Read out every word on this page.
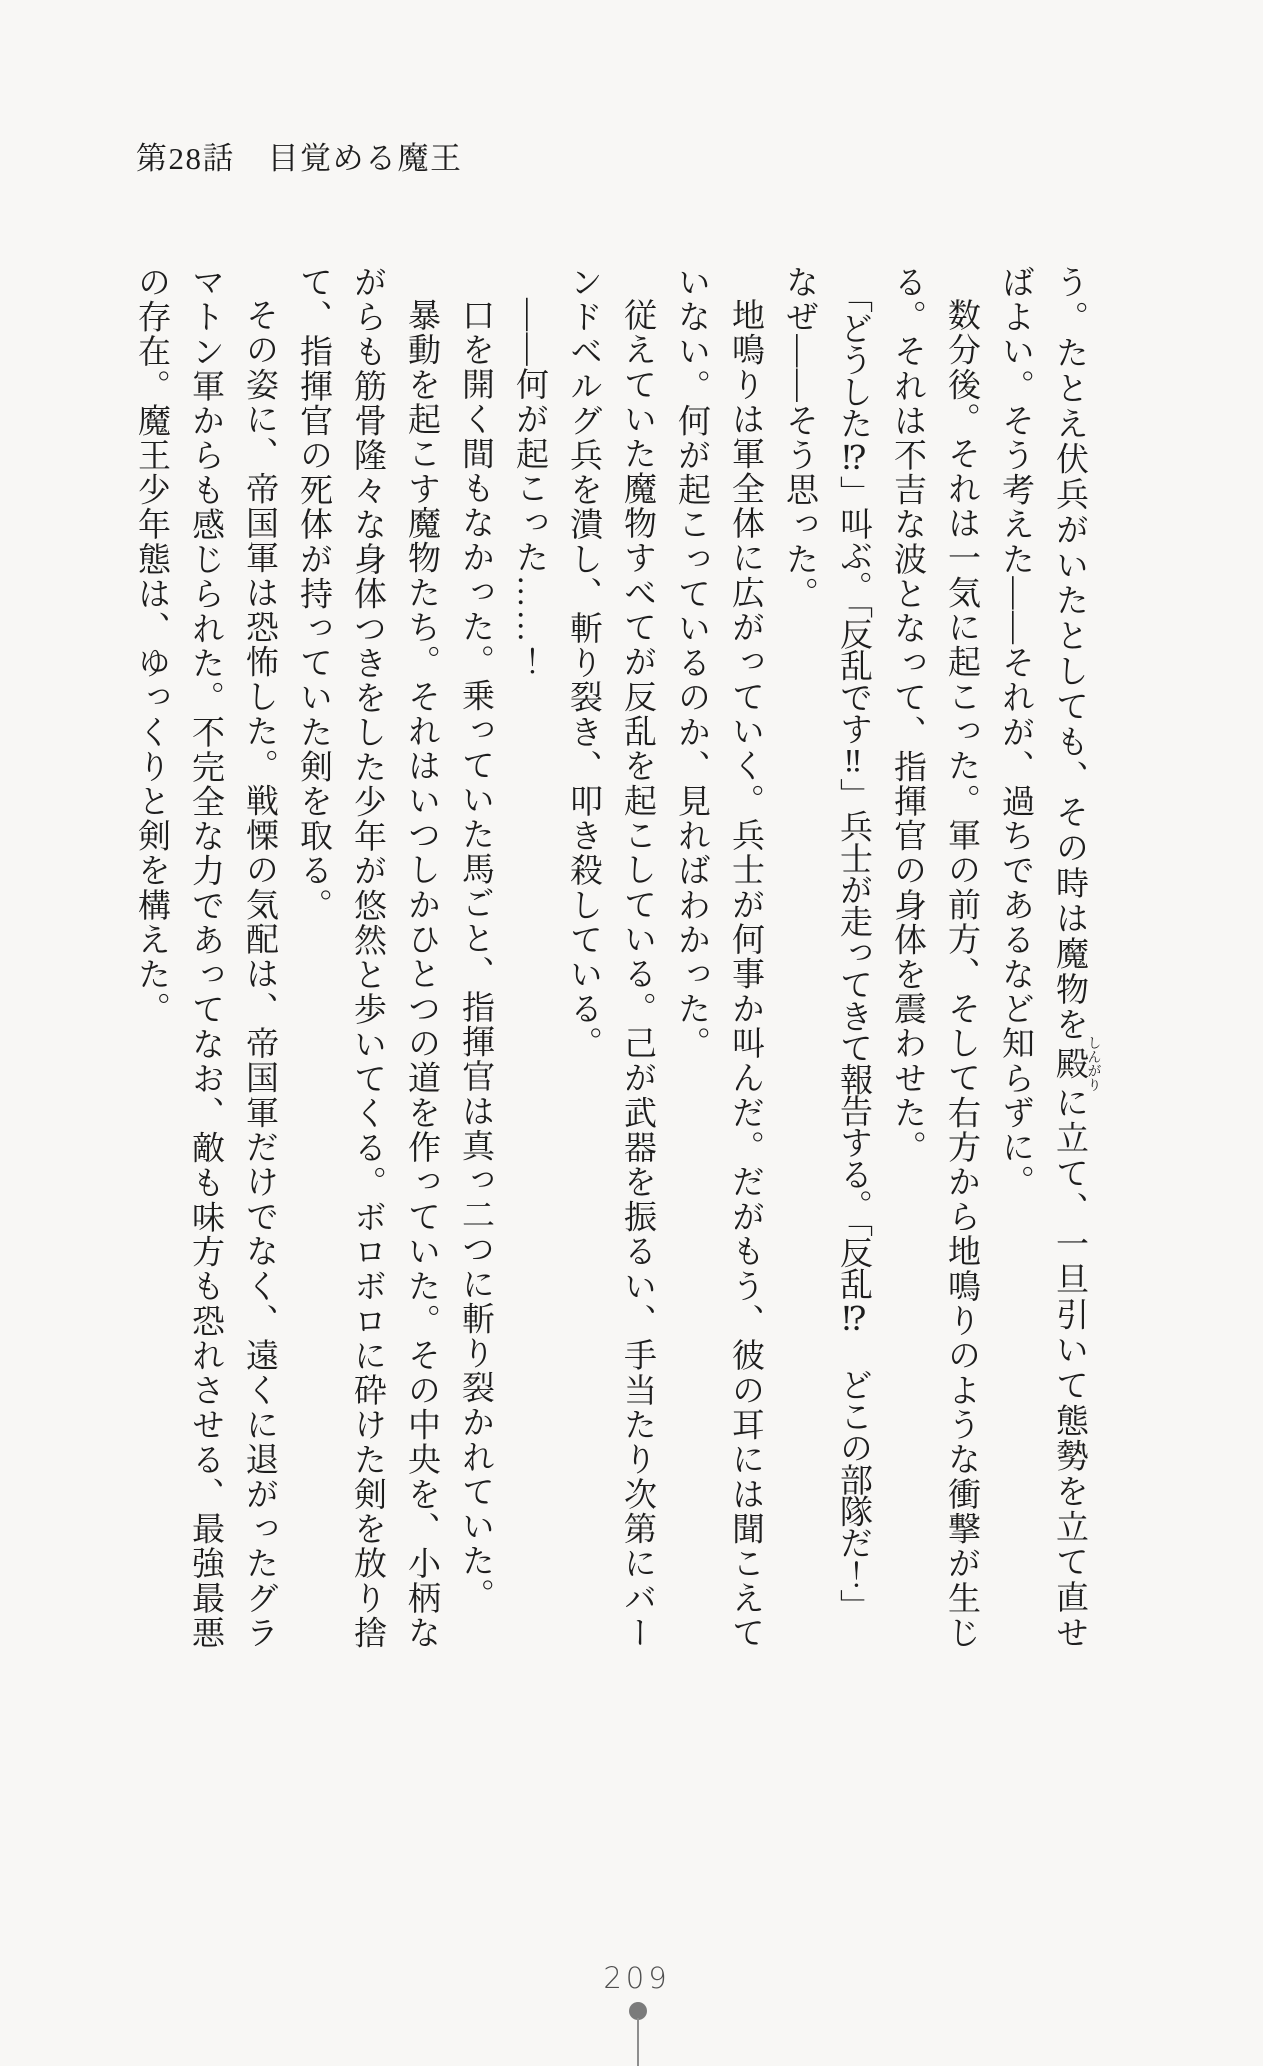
第28話　目覚める魔王

う。たとえ伏兵がいたとしても、その時は魔物を殿しんがりに立て、一旦引いて態勢を立て直せばよい。そう考えた——それが、過ちであるなど知らずに。

数分後。それは一気に起こった。軍の前方、そして右方から地鳴りのような衝撃が生じる。それは不吉な波となって、指揮官の身体を震わせた。

「どうした⁉」叫ぶ。「反乱です‼」兵士が走ってきて報告する。「反乱⁉　どこの部隊だ！」

なぜ——そう思った。

地鳴りは軍全体に広がっていく。兵士が何事か叫んだ。だがもう、彼の耳には聞こえていない。何が起こっているのか、見ればわかった。

従えていた魔物すべてが反乱を起こしている。己が武器を振るい、手当たり次第にバーンドベルグ兵を潰し、斬り裂き、叩き殺している。

——何が起こった……！

口を開く間もなかった。乗っていた馬ごと、指揮官は真っ二つに斬り裂かれていた。

暴動を起こす魔物たち。それはいつしかひとつの道を作っていた。その中央を、小柄ながらも筋骨隆々な身体つきをした少年が悠然と歩いてくる。ボロボロに砕けた剣を放り捨て、指揮官の死体が持っていた剣を取る。

その姿に、帝国軍は恐怖した。戦慄の気配は、帝国軍だけでなく、遠くに退がったグラマトン軍からも感じられた。不完全な力であってなお、敵も味方も恐れさせる、最強最悪の存在。魔王少年態は、ゆっくりと剣を構えた。

209
